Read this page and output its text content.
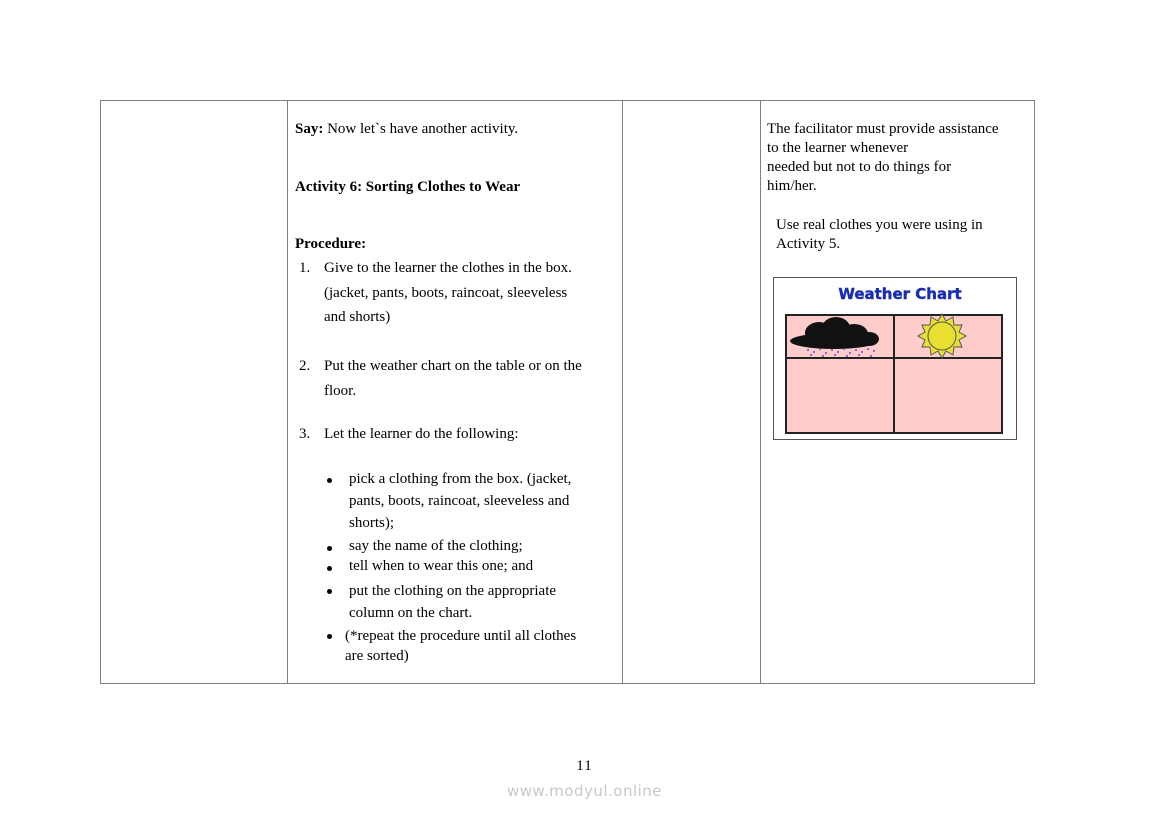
Say: Now let`s have another activity.
Activity 6: Sorting Clothes to Wear
Procedure:
1. Give to the learner the clothes in the box.
(jacket, pants, boots, raincoat, sleeveless
and shorts)
2. Put the weather chart on the table or on the
floor.
3. Let the learner do the following:
pick a clothing from the box. (jacket,
pants, boots, raincoat, sleeveless and
shorts);
say the name of the clothing;
tell when to wear this one; and
put the clothing on the appropriate
column on the chart.
(*repeat the procedure until all clothes
are sorted)
The facilitator must provide assistance
to the learner whenever
needed but not to do things for
him/her.
Use real clothes you were using in
Activity 5.
Weather Chart
11
www.modyul.online
